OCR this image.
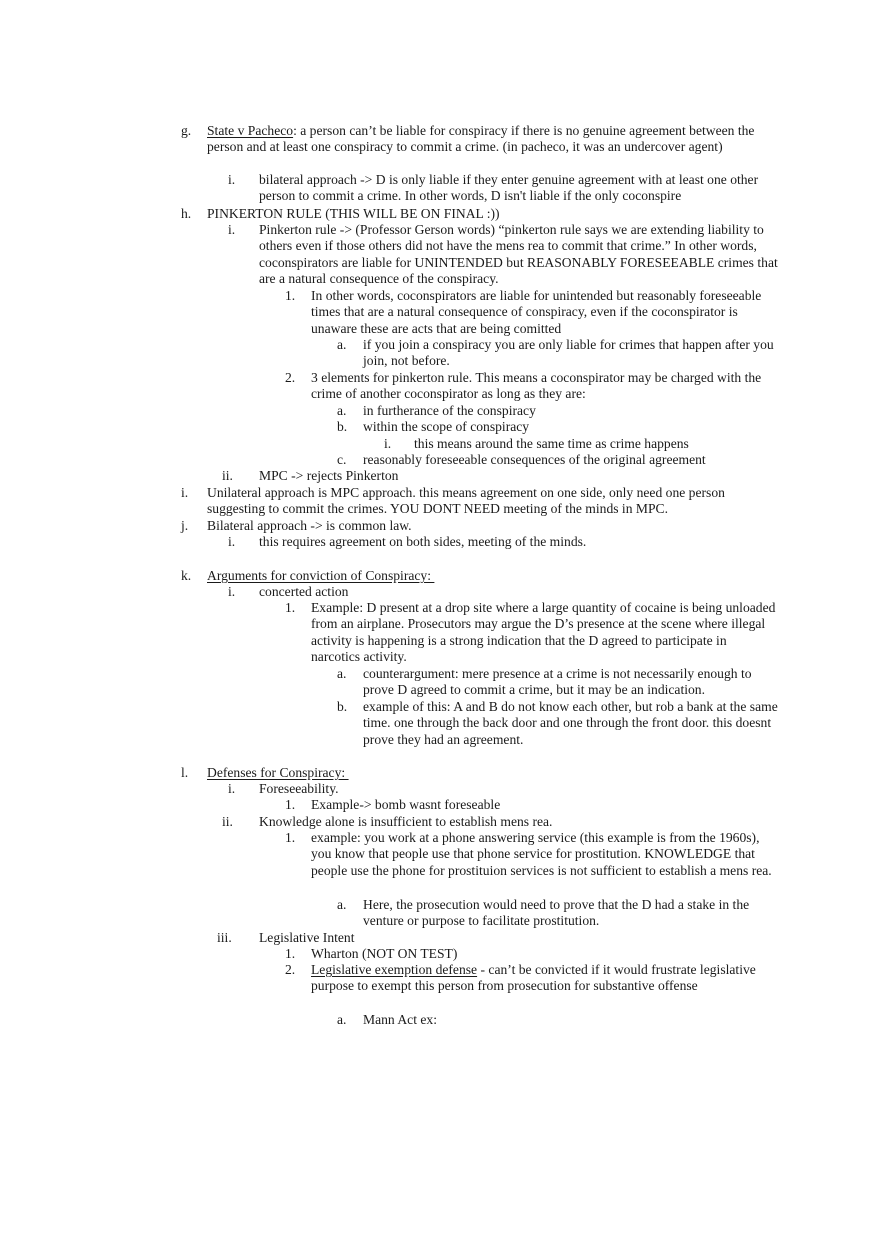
g. State v Pacheco: a person can’t be liable for conspiracy if there is no genuine agreement between the person and at least one conspiracy to commit a crime. (in pacheco, it was an undercover agent)
i. bilateral approach -> D is only liable if they enter genuine agreement with at least one other person to commit a crime. In other words, D isn't liable if the only coconspire
h. PINKERTON RULE (THIS WILL BE ON FINAL :))
i. Pinkerton rule -> (Professor Gerson words) “pinkerton rule says we are extending liability to others even if those others did not have the mens rea to commit that crime.” In other words, coconspirators are liable for UNINTENDED but REASONABLY FORESEEABLE crimes that are a natural consequence of the conspiracy.
1. In other words, coconspirators are liable for unintended but reasonably foreseeable times that are a natural consequence of conspiracy, even if the coconspirator is unaware these are acts that are being comitted
a. if you join a conspiracy you are only liable for crimes that happen after you join, not before.
2. 3 elements for pinkerton rule. This means a coconspirator may be charged with the crime of another coconspirator as long as they are:
a. in furtherance of the conspiracy
b. within the scope of conspiracy
i. this means around the same time as crime happens
c. reasonably foreseeable consequences of the original agreement
ii. MPC -> rejects Pinkerton
i. Unilateral approach is MPC approach. this means agreement on one side, only need one person suggesting to commit the crimes. YOU DONT NEED meeting of the minds in MPC.
j. Bilateral approach -> is common law.
i. this requires agreement on both sides, meeting of the minds.
k. Arguments for conviction of Conspiracy:
i. concerted action
1. Example: D present at a drop site where a large quantity of cocaine is being unloaded from an airplane. Prosecutors may argue the D’s presence at the scene where illegal activity is happening is a strong indication that the D agreed to participate in narcotics activity.
a. counterargument: mere presence at a crime is not necessarily enough to prove D agreed to commit a crime, but it may be an indication.
b. example of this: A and B do not know each other, but rob a bank at the same time. one through the back door and one through the front door. this doesnt prove they had an agreement.
l. Defenses for Conspiracy:
i. Foreseeability.
1. Example-> bomb wasnt foreseable
ii. Knowledge alone is insufficient to establish mens rea.
1. example: you work at a phone answering service (this example is from the 1960s), you know that people use that phone service for prostitution. KNOWLEDGE that people use the phone for prostituion services is not sufficient to establish a mens rea.
a. Here, the prosecution would need to prove that the D had a stake in the venture or purpose to facilitate prostitution.
iii. Legislative Intent
1. Wharton (NOT ON TEST)
2. Legislative exemption defense - can’t be convicted if it would frustrate legislative purpose to exempt this person from prosecution for substantive offense
a. Mann Act ex:
